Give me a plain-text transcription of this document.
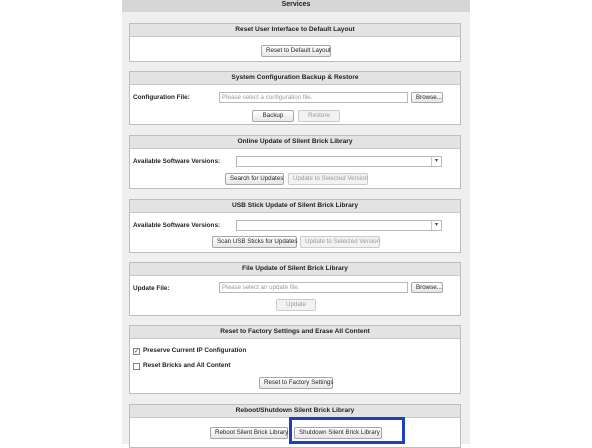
Services
Reset User Interface to Default Layout
Reset to Default Layout
System Configuration Backup & Restore
Configuration File:	Please select a configuration file.	Browse...
Backup	Restore
Online Update of Silent Brick Library
Available Software Versions:	▾
Search for Updates	Update to Selected Version
USB Stick Update of Silent Brick Library
Available Software Versions:	▾
Scan USB Sticks for Updates	Update to Selected Version
File Update of Silent Brick Library
Update File:	Please select an update file.	Browse...
Update
Reset to Factory Settings and Erase All Content
✓ Preserve Current IP Configuration
Reset Bricks and All Content
Reset to Factory Settings
Reboot/Shutdown Silent Brick Library
Reboot Silent Brick Library	Shutdown Silent Brick Library
